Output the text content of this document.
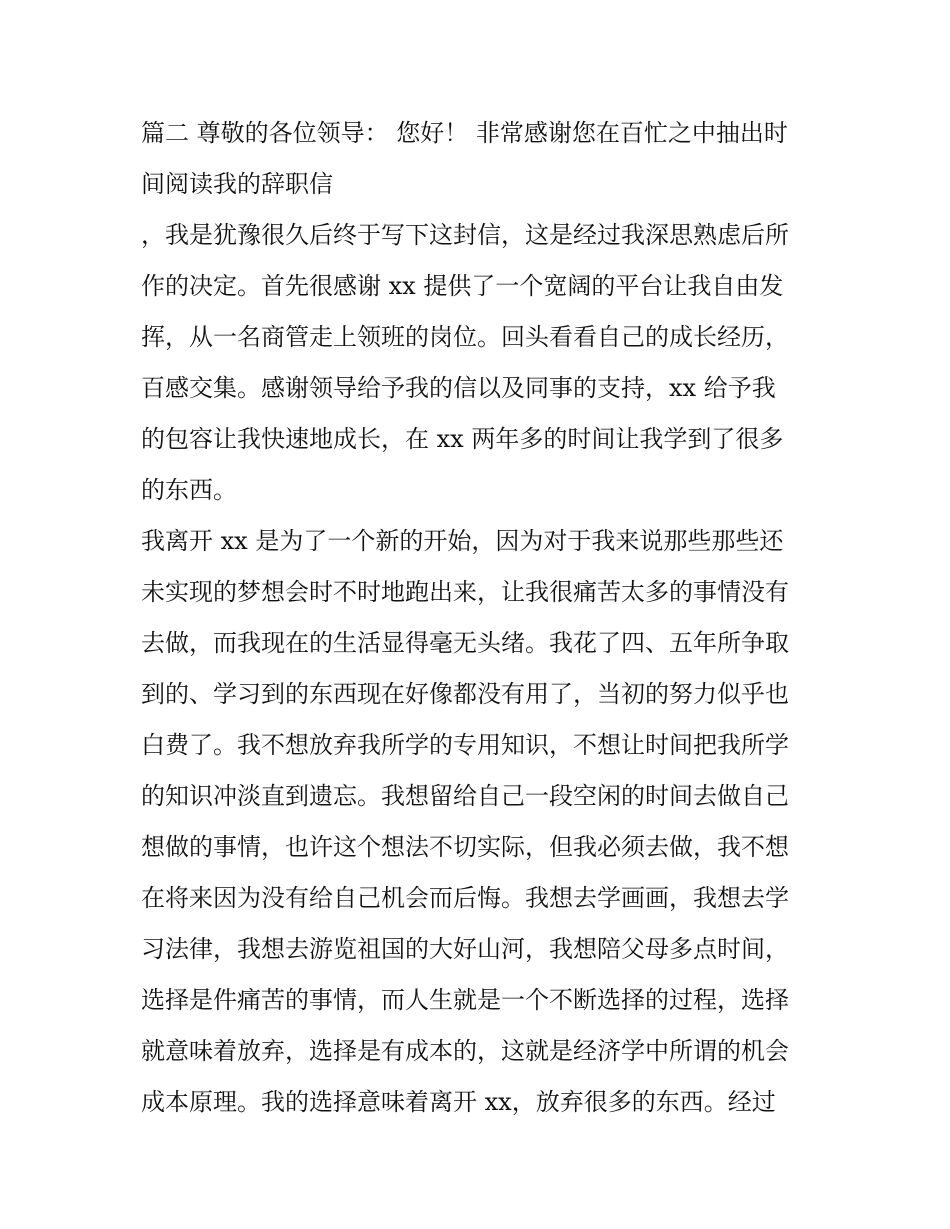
篇二 尊敬的各位领导： 您好！ 非常感谢您在百忙之中抽出时
间阅读我的辞职信
，我是犹豫很久后终于写下这封信，这是经过我深思熟虑后所
作的决定。首先很感谢 xx 提供了一个宽阔的平台让我自由发
挥，从一名商管走上领班的岗位。回头看看自己的成长经历，
百感交集。感谢领导给予我的信以及同事的支持，xx 给予我
的包容让我快速地成长，在 xx 两年多的时间让我学到了很多
的东西。
我离开 xx 是为了一个新的开始，因为对于我来说那些那些还
未实现的梦想会时不时地跑出来，让我很痛苦太多的事情没有
去做，而我现在的生活显得毫无头绪。我花了四、五年所争取
到的、学习到的东西现在好像都没有用了，当初的努力似乎也
白费了。我不想放弃我所学的专用知识，不想让时间把我所学
的知识冲淡直到遗忘。我想留给自己一段空闲的时间去做自己
想做的事情，也许这个想法不切实际，但我必须去做，我不想
在将来因为没有给自己机会而后悔。我想去学画画，我想去学
习法律，我想去游览祖国的大好山河，我想陪父母多点时间，
选择是件痛苦的事情，而人生就是一个不断选择的过程，选择
就意味着放弃，选择是有成本的，这就是经济学中所谓的机会
成本原理。我的选择意味着离开 xx，放弃很多的东西。经过
